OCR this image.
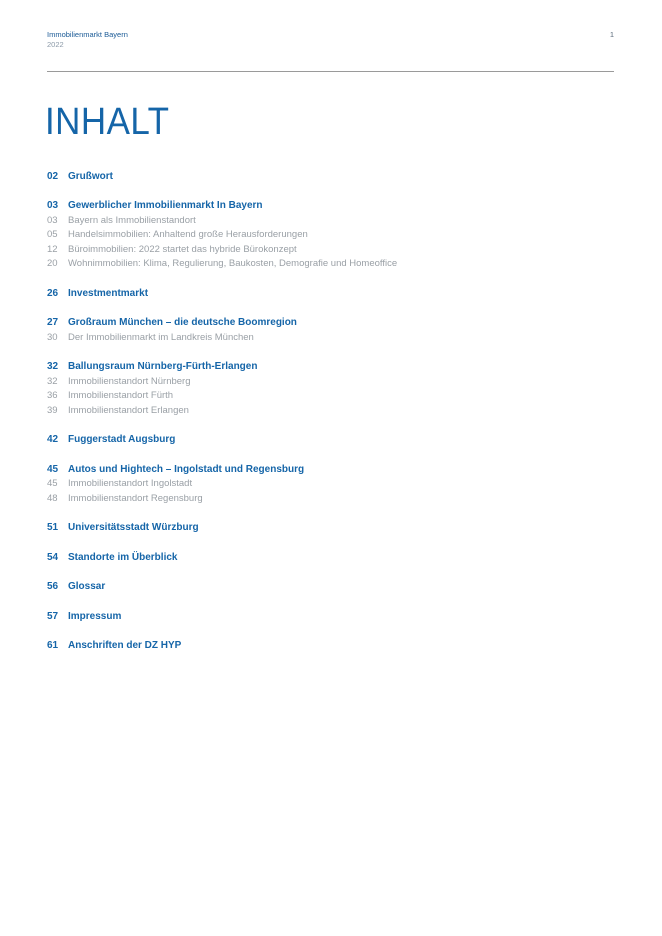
Immobilienmarkt Bayern
2022
1
INHALT
02 Grußwort
03 Gewerblicher Immobilienmarkt In Bayern
03	Bayern als Immobilienstandort
05	Handelsimmobilien: Anhaltend große Herausforderungen
12	Büroimmobilien: 2022 startet das hybride Bürokonzept
20	Wohnimmobilien: Klima, Regulierung, Baukosten, Demografie und Homeoffice
26 Investmentmarkt
27 Großraum München – die deutsche Boomregion
30	Der Immobilienmarkt im Landkreis München
32 Ballungsraum Nürnberg-Fürth-Erlangen
32	Immobilienstandort Nürnberg
36	Immobilienstandort Fürth
39	Immobilienstandort Erlangen
42 Fuggerstadt Augsburg
45 Autos und Hightech – Ingolstadt und Regensburg
45	Immobilienstandort Ingolstadt
48	Immobilienstandort Regensburg
51 Universitätsstadt Würzburg
54 Standorte im Überblick
56 Glossar
57 Impressum
61 Anschriften der DZ HYP
